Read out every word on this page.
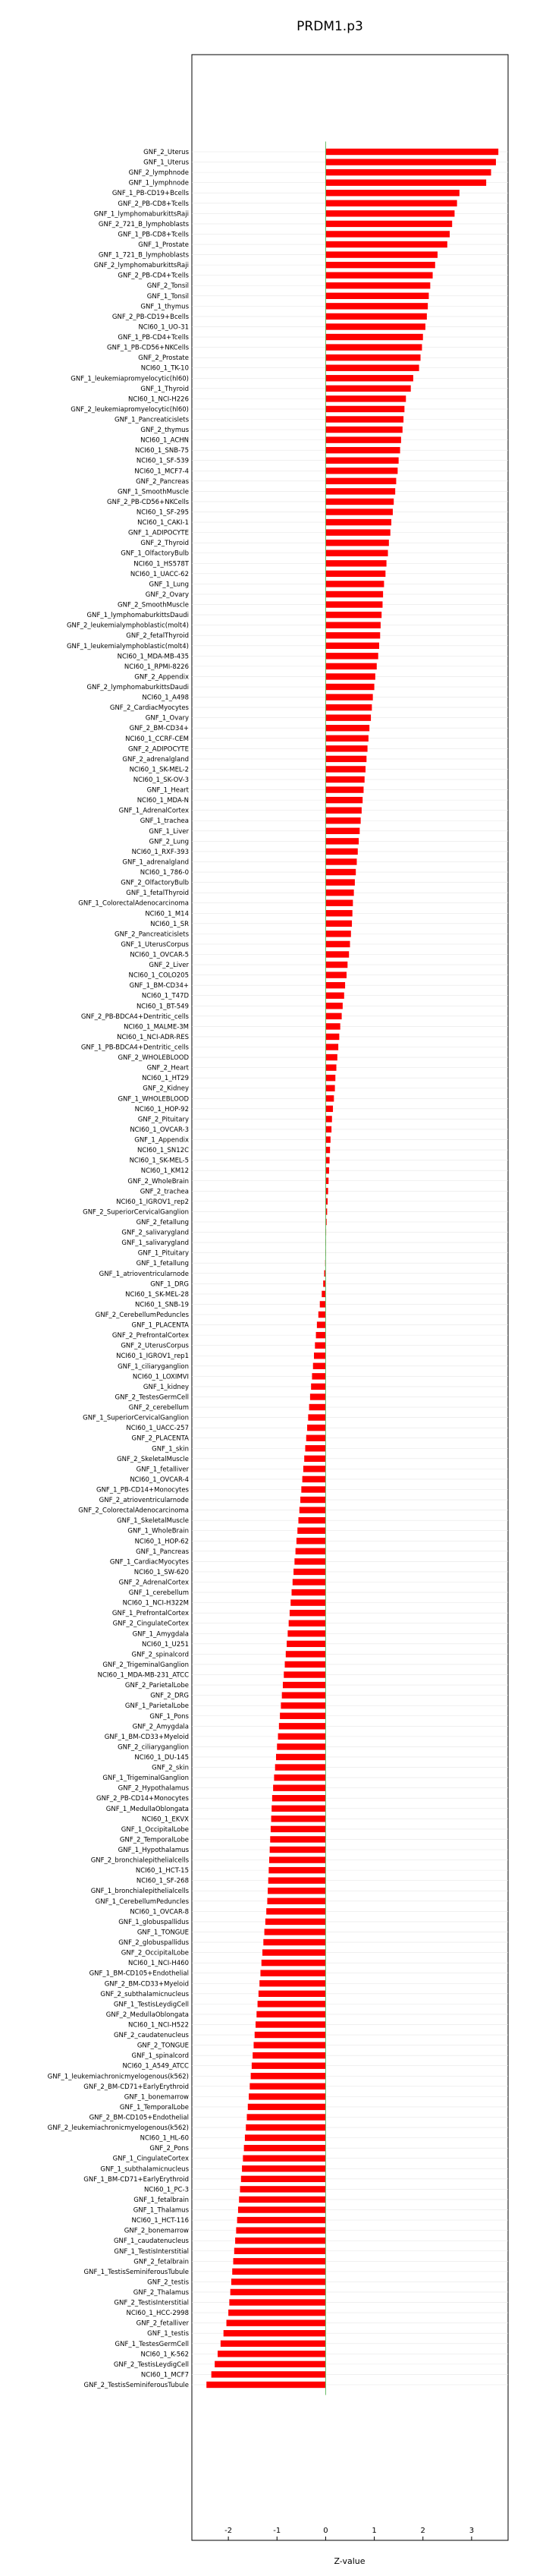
PRDM1.p3
GNF_2_Uterus
GNF_1_Uterus
GNF_2_lymphnode
GNF_1_lymphnode
GNF_1_PB-CD19+Bcells
GNF_2_PB-CD8+Tcells
GNF_1_lymphomaburkittsRaji
GNF_2_721_B_lymphoblasts
GNF_1_PB-CD8+Tcells
GNF_1_Prostate
GNF_1_721_B_lymphoblasts
GNF_2_lymphomaburkittsRaji
GNF_2_PB-CD4+Tcells
GNF_2_Tonsil
GNF_1_Tonsil
GNF_1_thymus
GNF_2_PB-CD19+Bcells
NCI60_1_UO-31
GNF_1_PB-CD4+Tcells
GNF_1_PB-CD56+NKCells
GNF_2_Prostate
NCI60_1_TK-10
GNF_1_leukemiapromyelocytic(hl60)
GNF_1_Thyroid
NCI60_1_NCI-H226
GNF_2_leukemiapromyelocytic(hl60)
GNF_1_Pancreaticislets
GNF_2_thymus
NCI60_1_ACHN
NCI60_1_SNB-75
NCI60_1_SF-539
NCI60_1_MCF7-4
GNF_2_Pancreas
GNF_1_SmoothMuscle
GNF_2_PB-CD56+NKCells
NCI60_1_SF-295
NCI60_1_CAKI-1
GNF_1_ADIPOCYTE
GNF_2_Thyroid
GNF_1_OlfactoryBulb
NCI60_1_HS578T
NCI60_1_UACC-62
GNF_1_Lung
GNF_2_Ovary
GNF_2_SmoothMuscle
GNF_1_lymphomaburkittsDaudi
GNF_2_leukemialymphoblastic(molt4)
GNF_2_fetalThyroid
GNF_1_leukemialymphoblastic(molt4)
NCI60_1_MDA-MB-435
NCI60_1_RPMI-8226
GNF_2_Appendix
GNF_2_lymphomaburkittsDaudi
NCI60_1_A498
GNF_2_CardiacMyocytes
GNF_1_Ovary
GNF_2_BM-CD34+
NCI60_1_CCRF-CEM
GNF_2_ADIPOCYTE
GNF_2_adrenalgland
NCI60_1_SK-MEL-2
NCI60_1_SK-OV-3
GNF_1_Heart
NCI60_1_MDA-N
GNF_1_AdrenalCortex
GNF_1_trachea
GNF_1_Liver
GNF_2_Lung
NCI60_1_RXF-393
GNF_1_adrenalgland
NCI60_1_786-0
GNF_2_OlfactoryBulb
GNF_1_fetalThyroid
GNF_1_ColorectalAdenocarcinoma
NCI60_1_M14
NCI60_1_SR
GNF_2_Pancreaticislets
GNF_1_UterusCorpus
NCI60_1_OVCAR-5
GNF_2_Liver
NCI60_1_COLO205
GNF_1_BM-CD34+
NCI60_1_T47D
NCI60_1_BT-549
GNF_2_PB-BDCA4+Dentritic_cells
NCI60_1_MALME-3M
NCI60_1_NCI-ADR-RES
GNF_1_PB-BDCA4+Dentritic_cells
GNF_2_WHOLEBLOOD
GNF_2_Heart
NCI60_1_HT29
GNF_2_Kidney
GNF_1_WHOLEBLOOD
NCI60_1_HOP-92
GNF_2_Pituitary
NCI60_1_OVCAR-3
GNF_1_Appendix
NCI60_1_SN12C
NCI60_1_SK-MEL-5
NCI60_1_KM12
GNF_2_WholeBrain
GNF_2_trachea
NCI60_1_IGROV1_rep2
GNF_2_SuperiorCervicalGanglion
GNF_2_fetallung
GNF_2_salivarygland
GNF_1_salivarygland
GNF_1_Pituitary
GNF_1_fetallung
GNF_1_atrioventricularnode
GNF_1_DRG
NCI60_1_SK-MEL-28
NCI60_1_SNB-19
GNF_2_CerebellumPeduncles
GNF_1_PLACENTA
GNF_2_PrefrontalCortex
GNF_2_UterusCorpus
NCI60_1_IGROV1_rep1
GNF_1_ciliaryganglion
NCI60_1_LOXIMVI
GNF_1_kidney
GNF_2_TestesGermCell
GNF_2_cerebellum
GNF_1_SuperiorCervicalGanglion
NCI60_1_UACC-257
GNF_2_PLACENTA
GNF_1_skin
GNF_2_SkeletalMuscle
GNF_1_fetalliver
NCI60_1_OVCAR-4
GNF_1_PB-CD14+Monocytes
GNF_2_atrioventricularnode
GNF_2_ColorectalAdenocarcinoma
GNF_1_SkeletalMuscle
GNF_1_WholeBrain
NCI60_1_HOP-62
GNF_1_Pancreas
GNF_1_CardiacMyocytes
NCI60_1_SW-620
GNF_2_AdrenalCortex
GNF_1_cerebellum
NCI60_1_NCI-H322M
GNF_1_PrefrontalCortex
GNF_2_CingulateCortex
GNF_1_Amygdala
NCI60_1_U251
GNF_2_spinalcord
GNF_2_TrigeminalGanglion
NCI60_1_MDA-MB-231_ATCC
GNF_2_ParietalLobe
GNF_2_DRG
GNF_1_ParietalLobe
GNF_1_Pons
GNF_2_Amygdala
GNF_1_BM-CD33+Myeloid
GNF_2_ciliaryganglion
NCI60_1_DU-145
GNF_2_skin
GNF_1_TrigeminalGanglion
GNF_2_Hypothalamus
GNF_2_PB-CD14+Monocytes
GNF_1_MedullaOblongata
NCI60_1_EKVX
GNF_1_OccipitalLobe
GNF_2_TemporalLobe
GNF_1_Hypothalamus
GNF_2_bronchialepithelialcells
NCI60_1_HCT-15
NCI60_1_SF-268
GNF_1_bronchialepithelialcells
GNF_1_CerebellumPeduncles
NCI60_1_OVCAR-8
GNF_1_globuspallidus
GNF_1_TONGUE
GNF_2_globuspallidus
GNF_2_OccipitalLobe
NCI60_1_NCI-H460
GNF_1_BM-CD105+Endothelial
GNF_2_BM-CD33+Myeloid
GNF_2_subthalamicnucleus
GNF_1_TestisLeydigCell
GNF_2_MedullaOblongata
NCI60_1_NCI-H522
GNF_2_caudatenucleus
GNF_2_TONGUE
GNF_1_spinalcord
NCI60_1_A549_ATCC
GNF_1_leukemiachronicmyelogenous(k562)
GNF_2_BM-CD71+EarlyErythroid
GNF_1_bonemarrow
GNF_1_TemporalLobe
GNF_2_BM-CD105+Endothelial
GNF_2_leukemiachronicmyelogenous(k562)
NCI60_1_HL-60
GNF_2_Pons
GNF_1_CingulateCortex
GNF_1_subthalamicnucleus
GNF_1_BM-CD71+EarlyErythroid
NCI60_1_PC-3
GNF_1_fetalbrain
GNF_1_Thalamus
NCI60_1_HCT-116
GNF_2_bonemarrow
GNF_1_caudatenucleus
GNF_1_TestisInterstitial
GNF_2_fetalbrain
GNF_1_TestisSeminiferousTubule
GNF_2_testis
GNF_2_Thalamus
GNF_2_TestisInterstitial
NCI60_1_HCC-2998
GNF_2_fetalliver
GNF_1_testis
GNF_1_TestesGermCell
NCI60_1_K-562
GNF_2_TestisLeydigCell
NCI60_1_MCF7
GNF_2_TestisSeminiferousTubule
-2	-1	0	1	2	3
Z-value
